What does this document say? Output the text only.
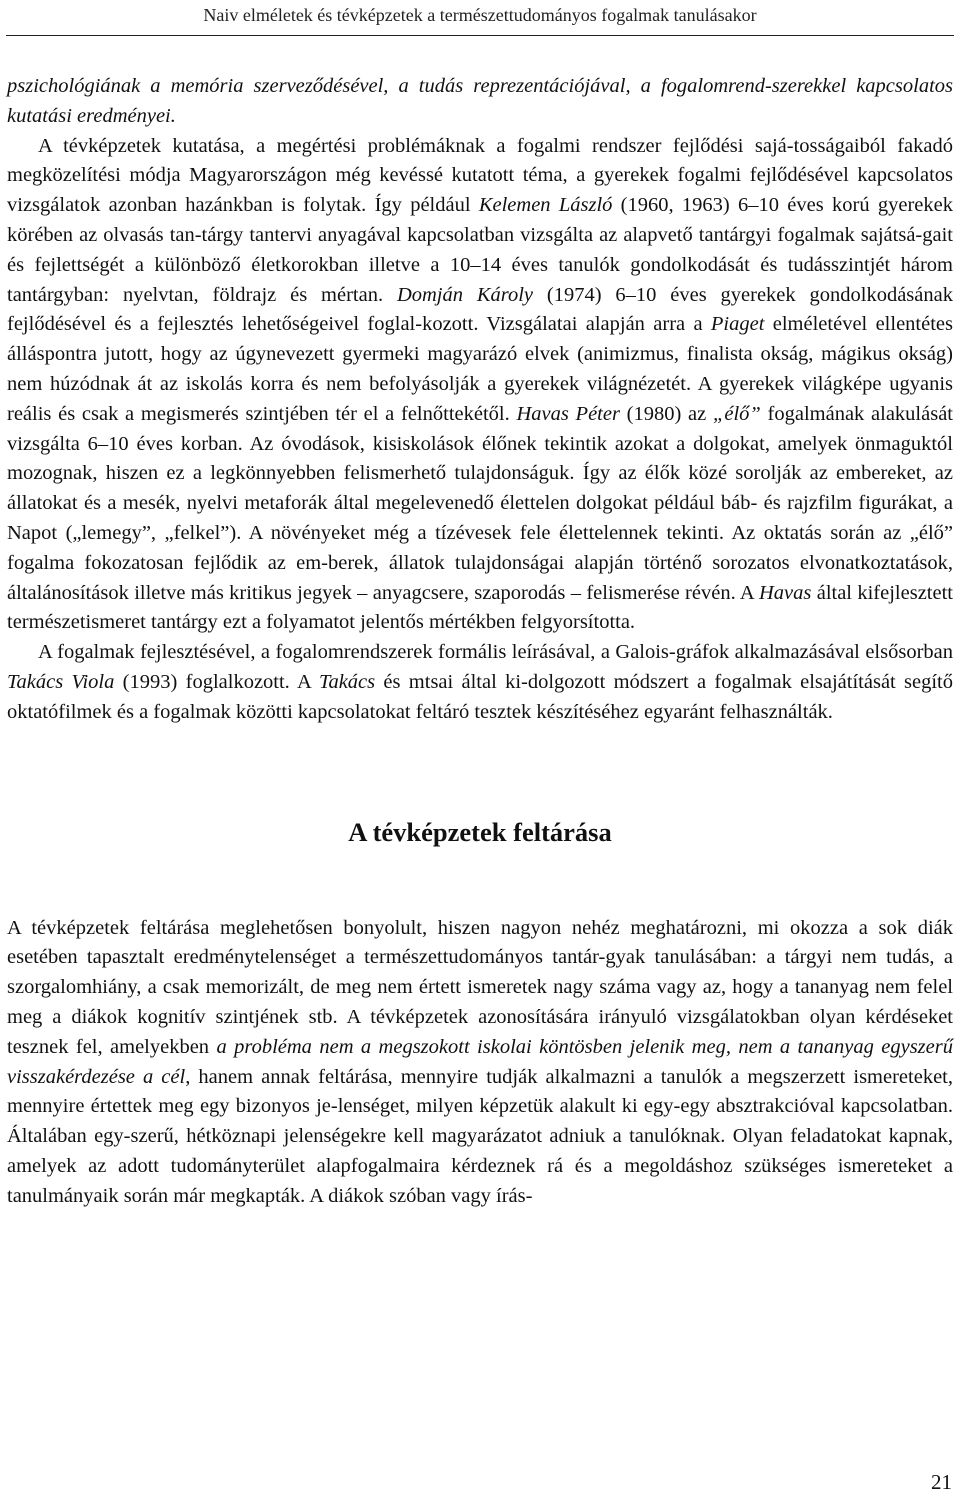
Naiv elméletek és tévképzetek a természettudományos fogalmak tanulásakor

pszichológiának a memória szerveződésével, a tudás reprezentációjával, a fogalomrend-szerekkel kapcsolatos kutatási eredményei.

A tévképzetek kutatása, a megértési problémáknak a fogalmi rendszer fejlődési sajá-tosságaiból fakadó megközelítési módja Magyarországon még kevéssé kutatott téma, a gyerekek fogalmi fejlődésével kapcsolatos vizsgálatok azonban hazánkban is folytak. Így például Kelemen László (1960, 1963) 6–10 éves korú gyerekek körében az olvasás tan-tárgy tantervi anyagával kapcsolatban vizsgálta az alapvető tantárgyi fogalmak sajátsá-gait és fejlettségét a különböző életkorokban illetve a 10–14 éves tanulók gondolkodását és tudásszintjét három tantárgyban: nyelvtan, földrajz és mértan. Domján Károly (1974) 6–10 éves gyerekek gondolkodásának fejlődésével és a fejlesztés lehetőségeivel foglal-kozott. Vizsgálatai alapján arra a Piaget elméletével ellentétes álláspontra jutott, hogy az úgynevezett gyermeki magyarázó elvek (animizmus, finalista okság, mágikus okság) nem húzódnak át az iskolás korra és nem befolyásolják a gyerekek világnézetét. A gyerekek világképe ugyanis reális és csak a megismerés szintjében tér el a felnőttekétől. Havas Péter (1980) az „élő” fogalmának alakulását vizsgálta 6–10 éves korban. Az óvodások, kisiskolások élőnek tekintik azokat a dolgokat, amelyek önmaguktól mozognak, hiszen ez a legkönnyebben felismerhető tulajdonságuk. Így az élők közé sorolják az embereket, az állatokat és a mesék, nyelvi metaforák által megelevenedő élettelen dolgokat például báb- és rajzfilm figurákat, a Napot („lemegy”, „felkel”). A növényeket még a tízévesek fele élettelennek tekinti. Az oktatás során az „élő” fogalma fokozatosan fejlődik az em-berek, állatok tulajdonságai alapján történő sorozatos elvonatkoztatások, általánosítások illetve más kritikus jegyek – anyagcsere, szaporodás – felismerése révén. A Havas által kifejlesztett természetismeret tantárgy ezt a folyamatot jelentős mértékben felgyorsította.

A fogalmak fejlesztésével, a fogalomrendszerek formális leírásával, a Galois-gráfok alkalmazásával elsősorban Takács Viola (1993) foglalkozott. A Takács és mtsai által ki-dolgozott módszert a fogalmak elsajátítását segítő oktatófilmek és a fogalmak közötti kapcsolatokat feltáró tesztek készítéséhez egyaránt felhasználták.

A tévképzetek feltárása

A tévképzetek feltárása meglehetősen bonyolult, hiszen nagyon nehéz meghatározni, mi okozza a sok diák esetében tapasztalt eredménytelenséget a természettudományos tantár-gyak tanulásában: a tárgyi nem tudás, a szorgalomhiány, a csak memorizált, de meg nem értett ismeretek nagy száma vagy az, hogy a tananyag nem felel meg a diákok kognitív szintjének stb. A tévképzetek azonosítására irányuló vizsgálatokban olyan kérdéseket tesznek fel, amelyekben a probléma nem a megszokott iskolai köntösben jelenik meg, nem a tananyag egyszerű visszakérdezése a cél, hanem annak feltárása, mennyire tudják alkalmazni a tanulók a megszerzett ismereteket, mennyire értettek meg egy bizonyos je-lenséget, milyen képzetük alakult ki egy-egy absztrakcióval kapcsolatban. Általában egy-szerű, hétköznapi jelenségekre kell magyarázatot adniuk a tanulóknak. Olyan feladatokat kapnak, amelyek az adott tudományterület alapfogalmaira kérdeznek rá és a megoldáshoz szükséges ismereteket a tanulmányaik során már megkapták. A diákok szóban vagy írás-

21
